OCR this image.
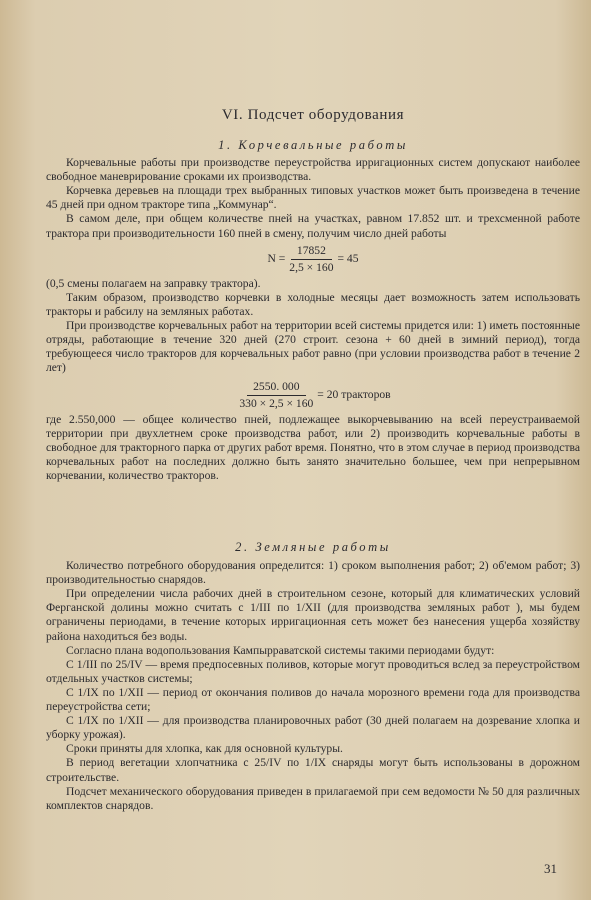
VI. Подсчет оборудования
1. Корчевальные работы

Корчевальные работы при производстве переустройства ирригационных систем допускают наиболее свободное маневрирование сроками их производства.

Корчевка деревьев на площади трех выбранных типовых участков может быть произведена в течение 45 дней при одном тракторе типа „Коммунар“.

В самом деле, при общем количестве пней на участках, равном 17.852 шт. и трехсменной работе трактора при производительности 160 пней в смену, получим число дней работы

$N = \frac{17852}{2,5 \times 160} = 45$

(0,5 смены полагаем на заправку трактора).

Таким образом, производство корчевки в холодные месяцы дает возможность затем использовать тракторы и рабсилу на земляных работах.

При производстве корчевальных работ на территории всей системы придется или: 1) иметь постоянные отряды, работающие в течение 320 дней (270 строит. сезона + 60 дней в зимний период), тогда требующееся число тракторов для корчевальных работ равно (при условии производства работ в течение 2 лет)

$\frac{2550. 000}{330 \times 2,5 \times 160} = 20$ тракторов

где 2.550,000 — общее количество пней, подлежащее выкорчевыванию на всей переустраиваемой территории при двухлетнем сроке производства работ, или 2) производить корчевальные работы в свободное для тракторного парка от других работ время. Понятно, что в этом случае в период производства корчевальных работ на последних должно быть занято значительно большее, чем при непрерывном корчевании, количество тракторов.

2. Земляные работы

Количество потребного оборудования определится: 1) сроком выполнения работ; 2) об'емом работ; 3) производительностью снарядов.

При определении числа рабочих дней в строительном сезоне, который для климатических условий Ферганской долины можно считать с 1/III по 1/XII (для производства земляных работ ), мы будем ограничены периодами, в течение которых ирригационная сеть может без нанесения ущерба хозяйству района находиться без воды.

Согласно плана водопользования Кампырраватской системы такими периодами будут:

С 1/III по 25/IV — время предпосевных поливов, которые могут проводиться вслед за переустройством отдельных участков системы;

С 1/IX по 1/XII — период от окончания поливов до начала морозного времени года для производства переустройства сети;

С 1/IX по 1/XII — для производства планировочных работ (30 дней полагаем на дозревание хлопка и уборку урожая).

Сроки приняты для хлопка, как для основной культуры.

В период вегетации хлопчатника с 25/IV по 1/IX снаряды могут быть использованы в дорожном строительстве.

Подсчет механического оборудования приведен в прилагаемой при сем ведомости № 50 для различных комплектов снарядов.

31
